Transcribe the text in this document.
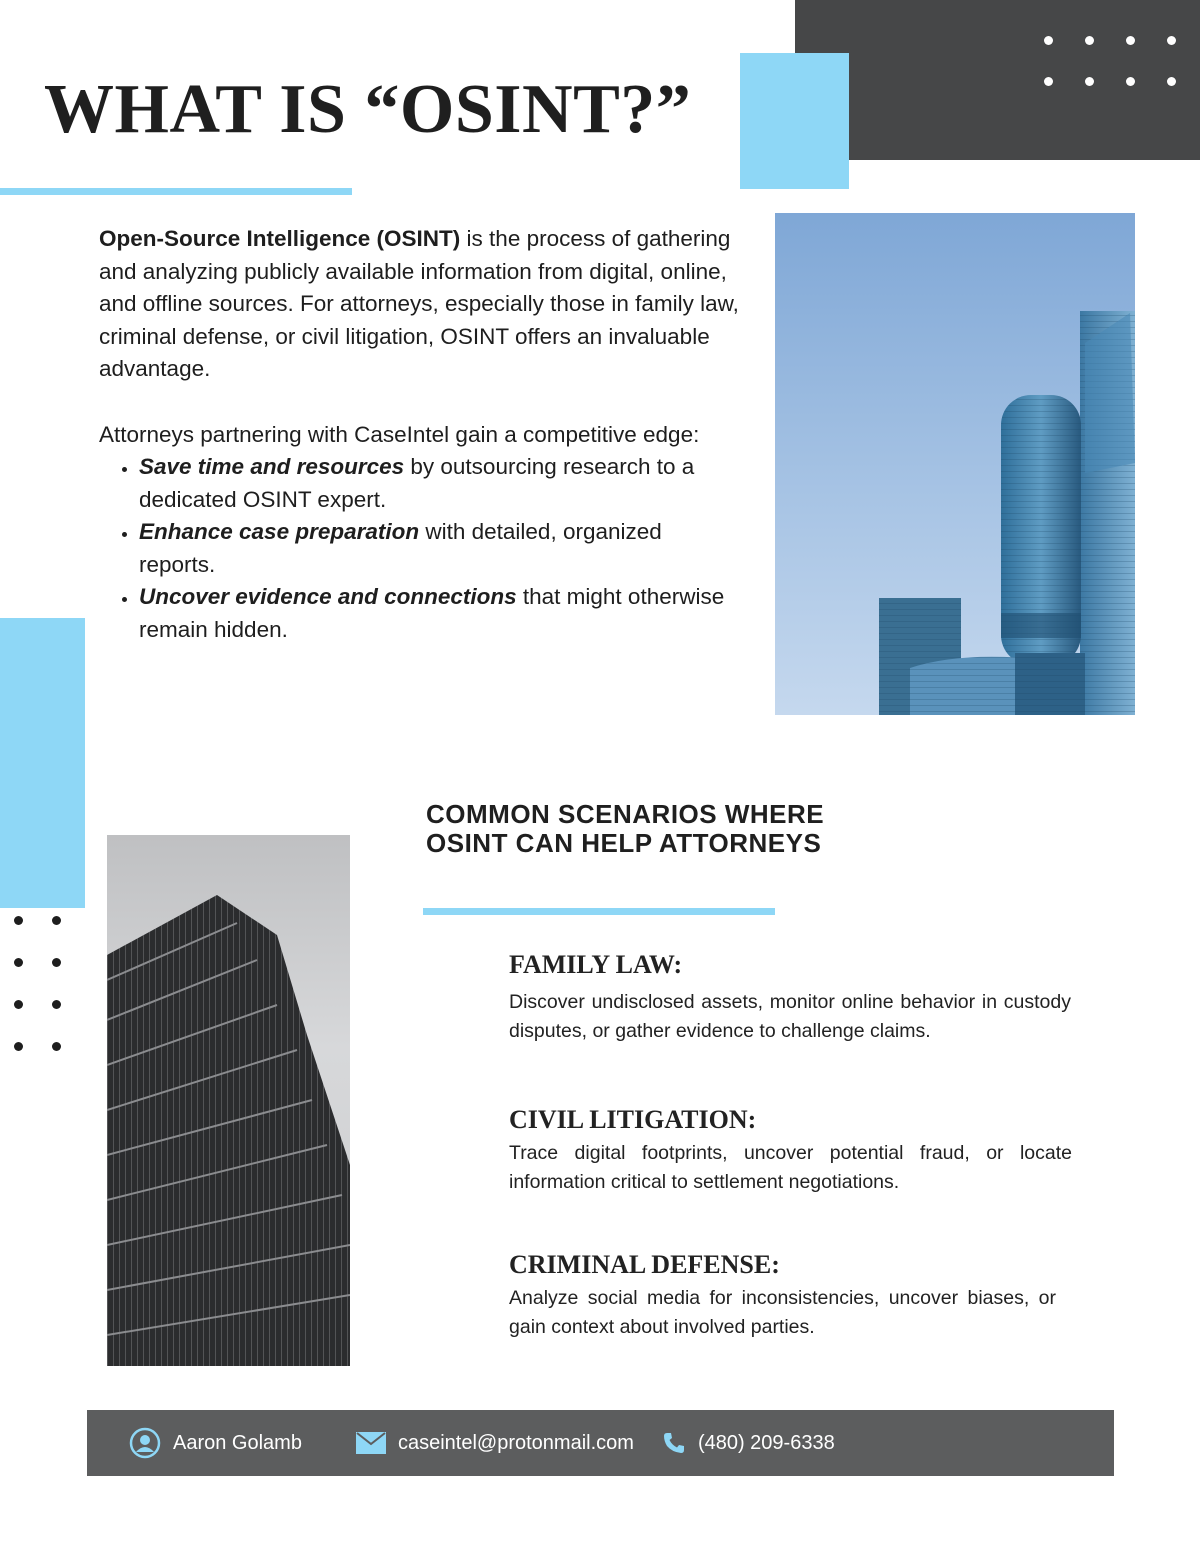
WHAT IS “OSINT?”

Open-Source Intelligence (OSINT) is the process of gathering and analyzing publicly available information from digital, online, and offline sources. For attorneys, especially those in family law, criminal defense, or civil litigation, OSINT offers an invaluable advantage.

Attorneys partnering with CaseIntel gain a competitive edge:

• Save time and resources by outsourcing research to a dedicated OSINT expert.
• Enhance case preparation with detailed, organized reports.
• Uncover evidence and connections that might otherwise remain hidden.
COMMON SCENARIOS WHERE OSINT CAN HELP ATTORNEYS
FAMILY LAW:

Discover undisclosed assets, monitor online behavior in custody disputes, or gather evidence to challenge claims.

CIVIL LITIGATION:

Trace digital footprints, uncover potential fraud, or locate information critical to settlement negotiations.

CRIMINAL DEFENSE:

Analyze social media for inconsistencies, uncover biases, or gain context about involved parties.

Aaron Golamb	caseintel@protonmail.com	(480) 209-6338
